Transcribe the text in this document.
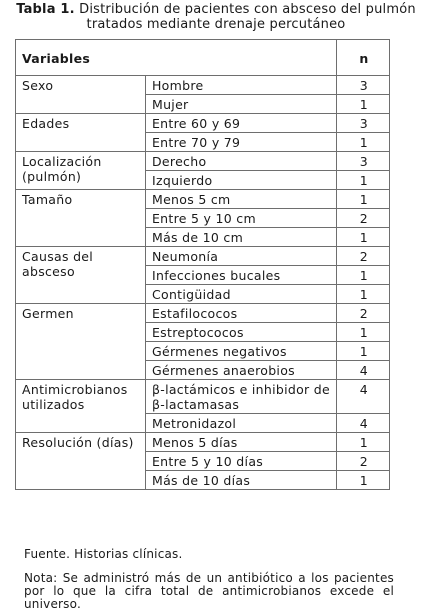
Tabla 1. Distribución de pacientes con absceso del pulmón
tratados mediante drenaje percutáneo
Variables		n
Sexo	Hombre	3
	Mujer	1
Edades	Entre 60 y 69	3
	Entre 70 y 79	1
Localización (pulmón)	Derecho	3
	Izquierdo	1
Tamaño	Menos 5 cm	1
	Entre 5 y 10 cm	2
	Más de 10 cm	1
Causas del absceso	Neumonía	2
	Infecciones bucales	1
	Contigüidad	1
Germen	Estafilococos	2
	Estreptococos	1
	Gérmenes negativos	1
	Gérmenes anaerobios	4
Antimicrobianos utilizados	β-lactámicos e inhibidor de β-lactamasas	4
	Metronidazol	4
Resolución (días)	Menos 5 días	1
	Entre 5 y 10 días	2
	Más de 10 días	1
Fuente. Historias clínicas.
Nota: Se administró más de un antibiótico a los pacientes por lo que la cifra total de antimicrobianos excede el universo.
